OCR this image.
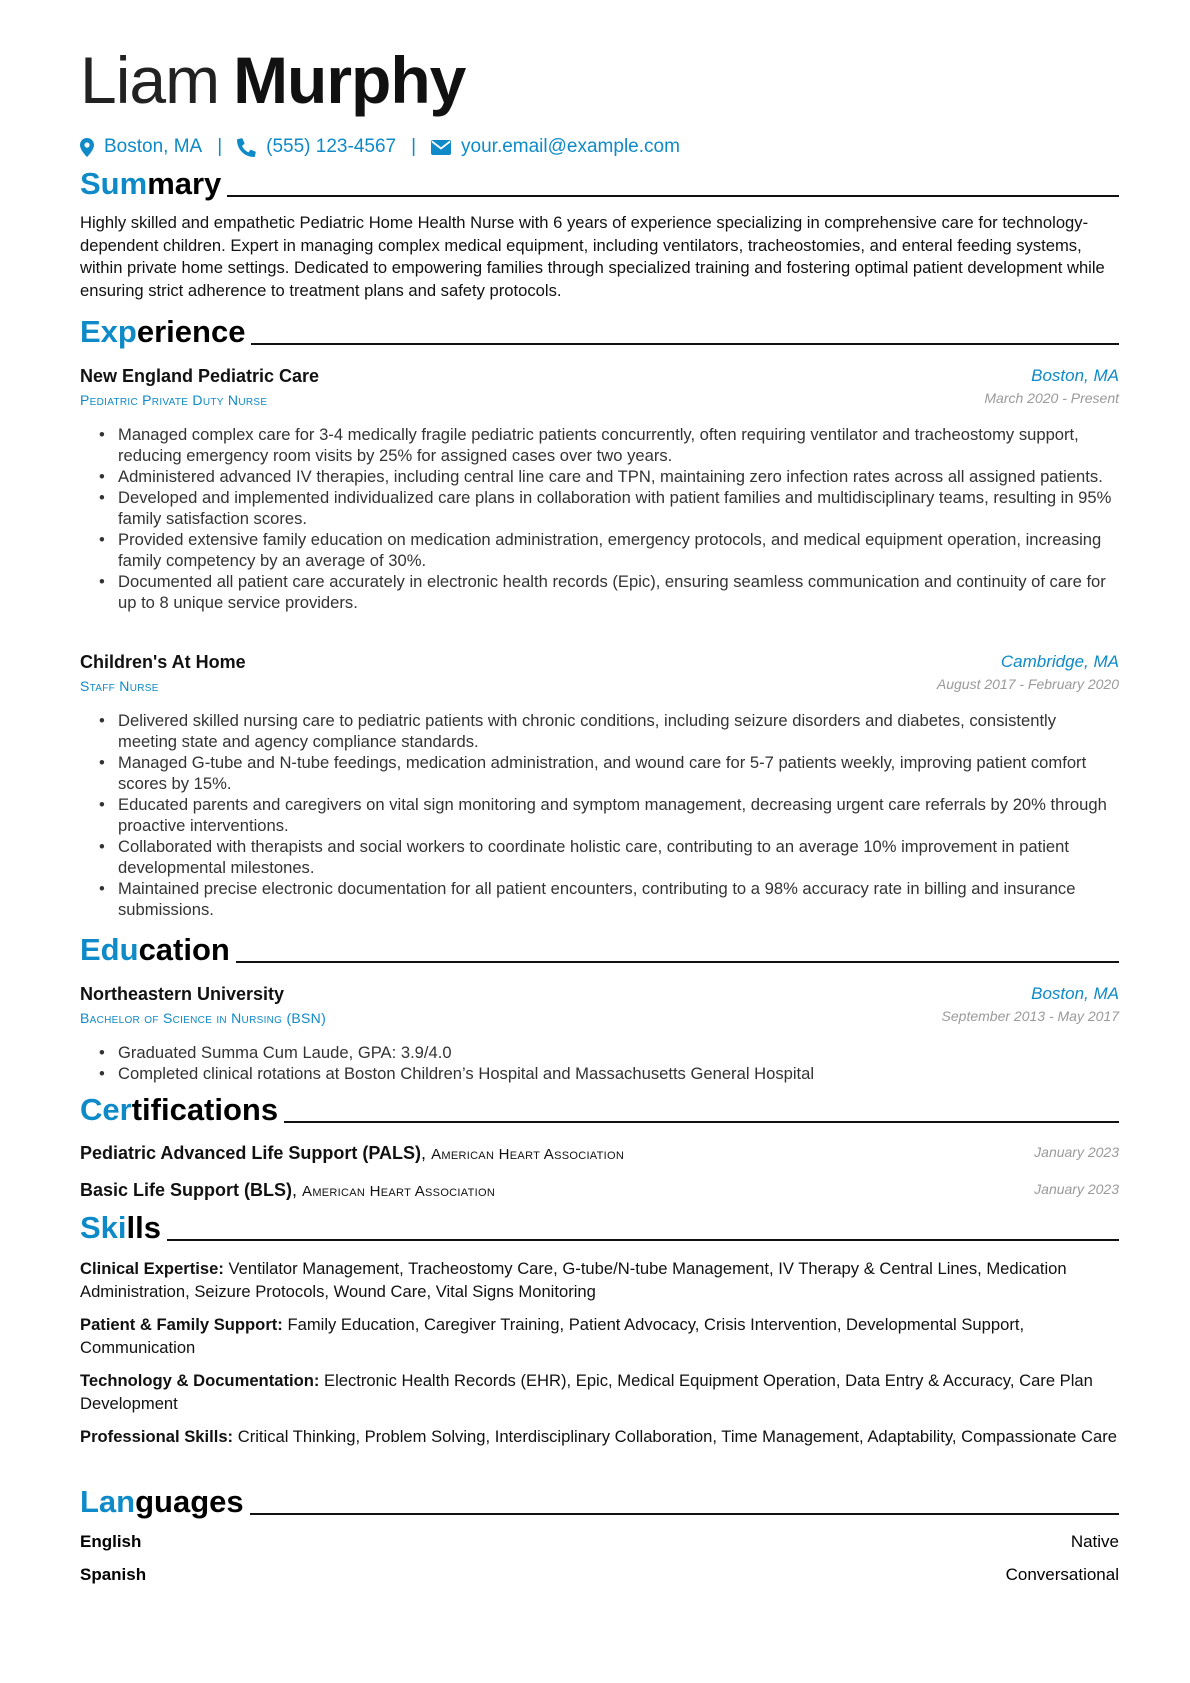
Liam Murphy
Boston, MA | (555) 123-4567 | your.email@example.com
Summary
Highly skilled and empathetic Pediatric Home Health Nurse with 6 years of experience specializing in comprehensive care for technology-dependent children. Expert in managing complex medical equipment, including ventilators, tracheostomies, and enteral feeding systems, within private home settings. Dedicated to empowering families through specialized training and fostering optimal patient development while ensuring strict adherence to treatment plans and safety protocols.
Experience
New England Pediatric Care	Boston, MA
Pediatric Private Duty Nurse	March 2020 - Present
• Managed complex care for 3-4 medically fragile pediatric patients concurrently, often requiring ventilator and tracheostomy support, reducing emergency room visits by 25% for assigned cases over two years.
• Administered advanced IV therapies, including central line care and TPN, maintaining zero infection rates across all assigned patients.
• Developed and implemented individualized care plans in collaboration with patient families and multidisciplinary teams, resulting in 95% family satisfaction scores.
• Provided extensive family education on medication administration, emergency protocols, and medical equipment operation, increasing family competency by an average of 30%.
• Documented all patient care accurately in electronic health records (Epic), ensuring seamless communication and continuity of care for up to 8 unique service providers.
Children's At Home	Cambridge, MA
Staff Nurse	August 2017 - February 2020
• Delivered skilled nursing care to pediatric patients with chronic conditions, including seizure disorders and diabetes, consistently meeting state and agency compliance standards.
• Managed G-tube and N-tube feedings, medication administration, and wound care for 5-7 patients weekly, improving patient comfort scores by 15%.
• Educated parents and caregivers on vital sign monitoring and symptom management, decreasing urgent care referrals by 20% through proactive interventions.
• Collaborated with therapists and social workers to coordinate holistic care, contributing to an average 10% improvement in patient developmental milestones.
• Maintained precise electronic documentation for all patient encounters, contributing to a 98% accuracy rate in billing and insurance submissions.
Education
Northeastern University	Boston, MA
Bachelor of Science in Nursing (BSN)	September 2013 - May 2017
• Graduated Summa Cum Laude, GPA: 3.9/4.0
• Completed clinical rotations at Boston Children’s Hospital and Massachusetts General Hospital
Certifications
Pediatric Advanced Life Support (PALS), American Heart Association	January 2023
Basic Life Support (BLS), American Heart Association	January 2023
Skills
Clinical Expertise: Ventilator Management, Tracheostomy Care, G-tube/N-tube Management, IV Therapy & Central Lines, Medication Administration, Seizure Protocols, Wound Care, Vital Signs Monitoring
Patient & Family Support: Family Education, Caregiver Training, Patient Advocacy, Crisis Intervention, Developmental Support, Communication
Technology & Documentation: Electronic Health Records (EHR), Epic, Medical Equipment Operation, Data Entry & Accuracy, Care Plan Development
Professional Skills: Critical Thinking, Problem Solving, Interdisciplinary Collaboration, Time Management, Adaptability, Compassionate Care
Languages
English	Native
Spanish	Conversational
